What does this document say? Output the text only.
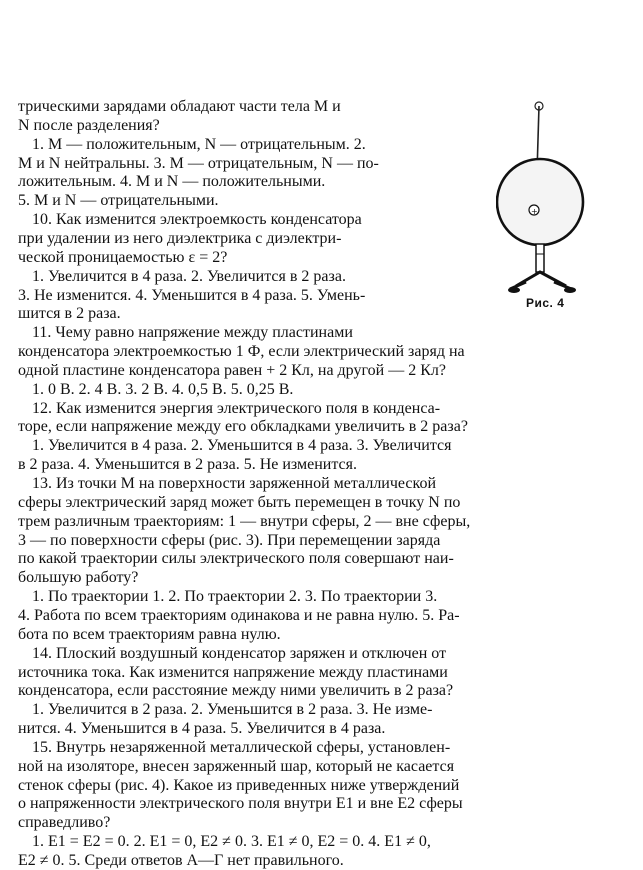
+
Рис. 4
трическими зарядами обладают части тела M и
N после разделения?
1. M — положительным, N — отрицательным. 2.
M и N нейтральны. 3. M — отрицательным, N — по-
ложительным. 4. M и N — положительными.
5. M и N — отрицательными.
10. Как изменится электроемкость конденсатора
при удалении из него диэлектрика с диэлектри-
ческой проницаемостью ε = 2?
1. Увеличится в 4 раза. 2. Увеличится в 2 раза.
3. Не изменится. 4. Уменьшится в 4 раза. 5. Умень-
шится в 2 раза.
11. Чему равно напряжение между пластинами
конденсатора электроемкостью 1 Ф, если электрический заряд на
одной пластине конденсатора равен + 2 Кл, на другой — 2 Кл?
1. 0 В. 2. 4 В. 3. 2 В. 4. 0,5 В. 5. 0,25 В.
12. Как изменится энергия электрического поля в конденса-
торе, если напряжение между его обкладками увеличить в 2 раза?
1. Увеличится в 4 раза. 2. Уменьшится в 4 раза. 3. Увеличится
в 2 раза. 4. Уменьшится в 2 раза. 5. Не изменится.
13. Из точки M на поверхности заряженной металлической
сферы электрический заряд может быть перемещен в точку N по
трем различным траекториям: 1 — внутри сферы, 2 — вне сферы,
3 — по поверхности сферы (рис. 3). При перемещении заряда
по какой траектории силы электрического поля совершают наи-
большую работу?
1. По траектории 1. 2. По траектории 2. 3. По траектории 3.
4. Работа по всем траекториям одинакова и не равна нулю. 5. Ра-
бота по всем траекториям равна нулю.
14. Плоский воздушный конденсатор заряжен и отключен от
источника тока. Как изменится напряжение между пластинами
конденсатора, если расстояние между ними увеличить в 2 раза?
1. Увеличится в 2 раза. 2. Уменьшится в 2 раза. 3. Не изме-
нится. 4. Уменьшится в 4 раза. 5. Увеличится в 4 раза.
15. Внутрь незаряженной металлической сферы, установлен-
ной на изоляторе, внесен заряженный шар, который не касается
стенок сферы (рис. 4). Какое из приведенных ниже утверждений
о напряженности электрического поля внутри E1 и вне E2 сферы
справедливо?
1. E1 = E2 = 0. 2. E1 = 0, E2 ≠ 0. 3. E1 ≠ 0, E2 = 0. 4. E1 ≠ 0,
E2 ≠ 0. 5. Среди ответов А—Г нет правильного.
